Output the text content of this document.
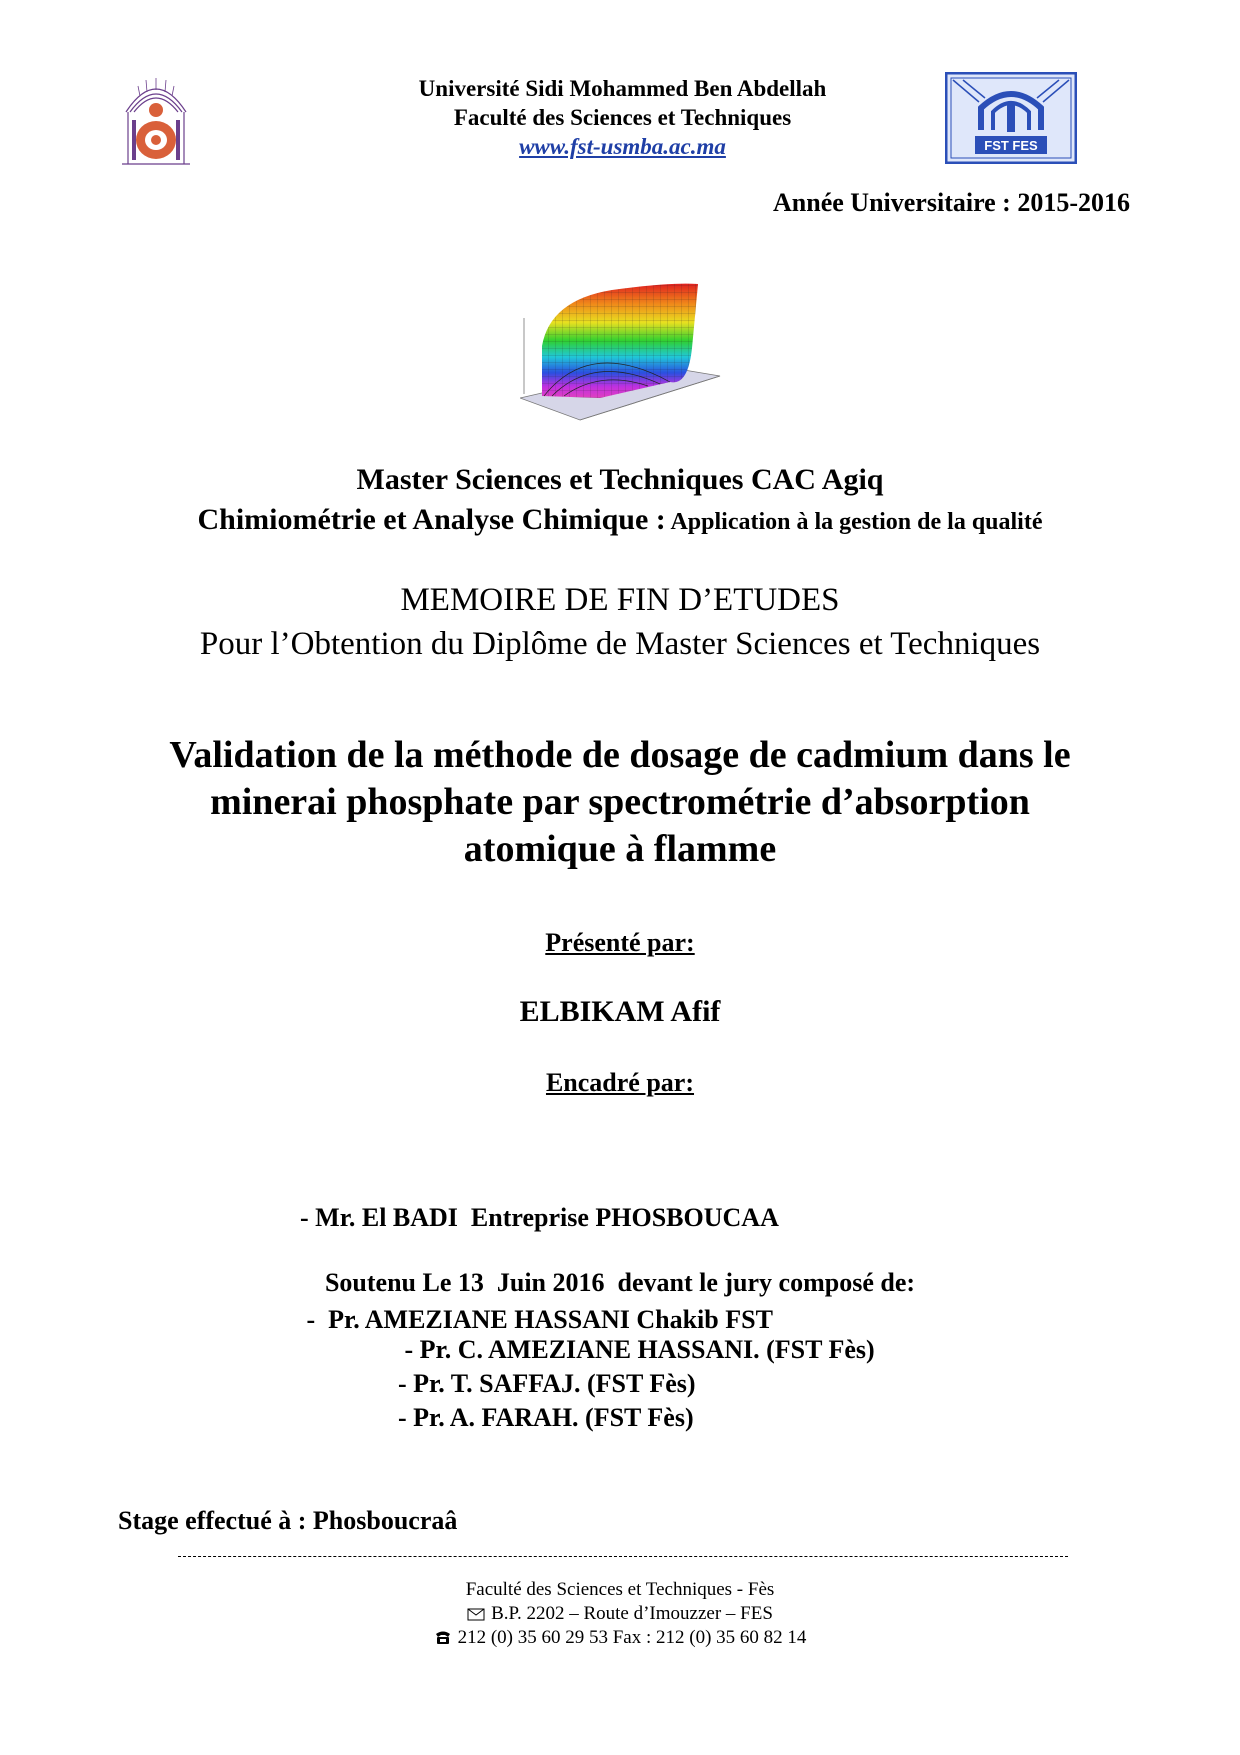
FST FES
Université Sidi Mohammed Ben Abdellah
Faculté des Sciences et Techniques
www.fst-usmba.ac.ma
Année Universitaire : 2015-2016
Master Sciences et Techniques CAC Agiq
Chimiométrie et Analyse Chimique : Application à la gestion de la qualité
MEMOIRE DE FIN D’ETUDES
Pour l’Obtention du Diplôme de Master Sciences et Techniques
Validation de la méthode de dosage de cadmium dans le
minerai phosphate par spectrométrie d’absorption
atomique à flamme
Présenté par:
ELBIKAM Afif
Encadré par:

- Mr. El BADI  Entreprise PHOSBOUCAA

-  Pr. AMEZIANE HASSANI Chakib FST

Soutenu Le 13  Juin 2016  devant le jury composé de:
- Pr. C. AMEZIANE HASSANI. (FST Fès)
- Pr. T. SAFFAJ. (FST Fès)
- Pr. A. FARAH. (FST Fès)
Stage effectué à : Phosboucraâ
Faculté des Sciences et Techniques - Fès
B.P. 2202 – Route d’Imouzzer – FES
212 (0) 35 60 29 53 Fax : 212 (0) 35 60 82 14
